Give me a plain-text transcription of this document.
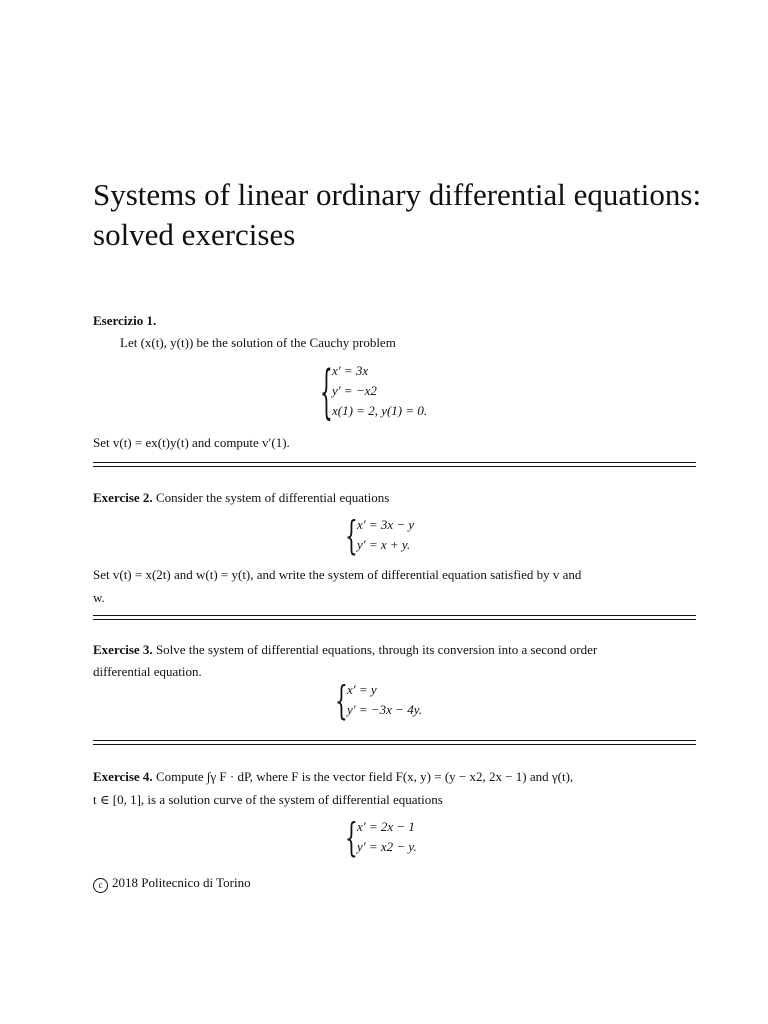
Systems of linear ordinary differential equations: solved exercises
Esercizio 1.
Let (x(t), y(t)) be the solution of the Cauchy problem
{ x′ = 3x
y′ = −x2
x(1) = 2, y(1) = 0.
Set v(t) = ex(t)y(t) and compute v′(1).
Exercise 2. Consider the system of differential equations
{ x′ = 3x − y
y′ = x + y.
Set v(t) = x(2t) and w(t) = y(t), and write the system of differential equation satisfied by v and
w.
Exercise 3. Solve the system of differential equations, through its conversion into a second order
differential equation.
{ x′ = y
y′ = −3x − 4y.
Exercise 4. Compute ∫γ F · dP, where F is the vector field F(x, y) = (y − x2, 2x − 1) and γ(t),
t ∈ [0, 1], is a solution curve of the system of differential equations
{ x′ = 2x − 1
y′ = x2 − y.
c 2018 Politecnico di Torino
